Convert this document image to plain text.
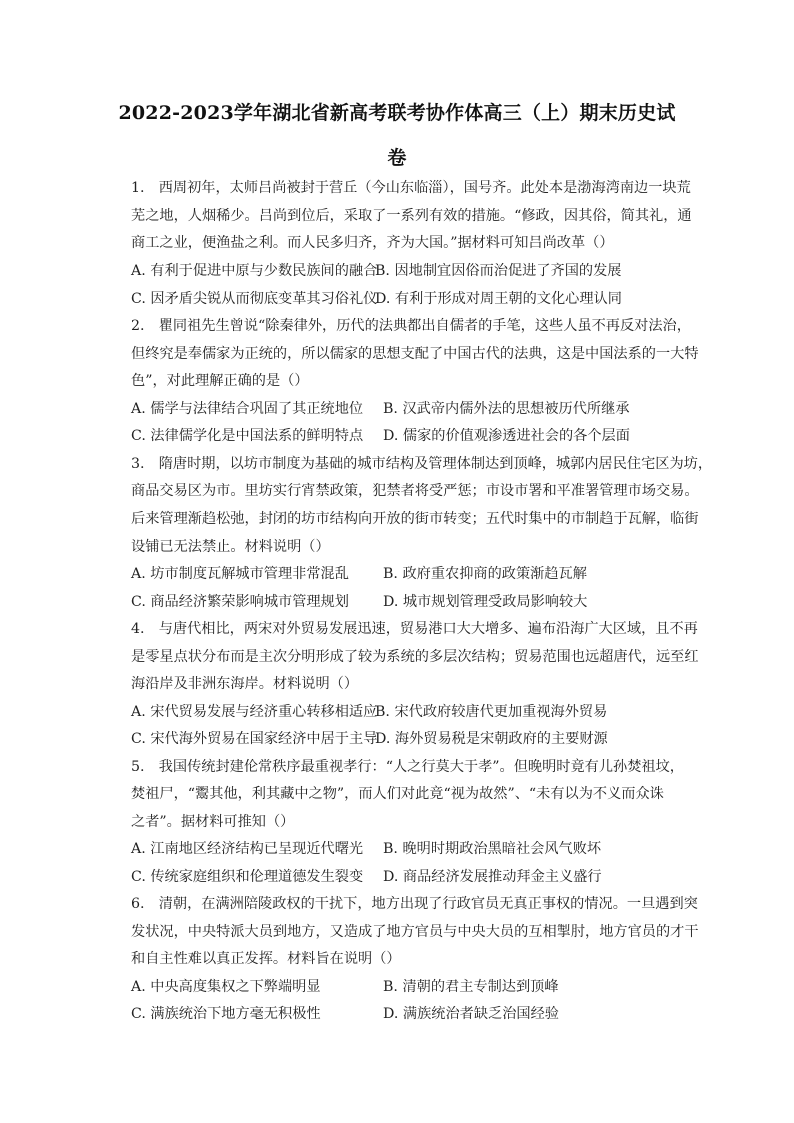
2022-2023学年湖北省新高考联考协作体高三（上）期末历史试
卷
1.　西周初年，太师吕尚被封于营丘（今山东临淄），国号齐。此处本是渤海湾南边一块荒
芜之地，人烟稀少。吕尚到位后，采取了一系列有效的措施。“修政，因其俗，简其礼，通
商工之业，便渔盐之利。而人民多归齐，齐为大国。”据材料可知吕尚改革（）
A. 有利于促进中原与少数民族间的融合
B. 因地制宜因俗而治促进了齐国的发展
C. 因矛盾尖锐从而彻底变革其习俗礼仪
D. 有利于形成对周王朝的文化心理认同
2.　瞿同祖先生曾说“除秦律外，历代的法典都出自儒者的手笔，这些人虽不再反对法治，
但终究是奉儒家为正统的，所以儒家的思想支配了中国古代的法典，这是中国法系的一大特
色”，对此理解正确的是（）
A. 儒学与法律结合巩固了其正统地位 B. 汉武帝内儒外法的思想被历代所继承
C. 法律儒学化是中国法系的鲜明特点 D. 儒家的价值观渗透进社会的各个层面
3.　隋唐时期，以坊市制度为基础的城市结构及管理体制达到顶峰，城郭内居民住宅区为坊，
商品交易区为市。里坊实行宵禁政策，犯禁者将受严惩；市设市署和平准署管理市场交易。
后来管理渐趋松弛，封闭的坊市结构向开放的街市转变；五代时集中的市制趋于瓦解，临街
设铺已无法禁止。材料说明（）
A. 坊市制度瓦解城市管理非常混乱 B. 政府重农抑商的政策渐趋瓦解
C. 商品经济繁荣影响城市管理规划 D. 城市规划管理受政局影响较大
4.　与唐代相比，两宋对外贸易发展迅速，贸易港口大大增多、遍布沿海广大区域，且不再
是零星点状分布而是主次分明形成了较为系统的多层次结构；贸易范围也远超唐代，远至红
海沿岸及非洲东海岸。材料说明（）
A. 宋代贸易发展与经济重心转移相适应
B. 宋代政府较唐代更加重视海外贸易
C. 宋代海外贸易在国家经济中居于主导
D. 海外贸易税是宋朝政府的主要财源
5.　我国传统封建伦常秩序最重视孝行：“人之行莫大于孝”。但晚明时竟有儿孙焚祖坟，
焚祖尸，“鬻其他，利其藏中之物”，而人们对此竟“视为故然”、“未有以为不义而众诛
之者”。据材料可推知（）
A. 江南地区经济结构已呈现近代曙光 B. 晚明时期政治黑暗社会风气败坏
C. 传统家庭组织和伦理道德发生裂变 D. 商品经济发展推动拜金主义盛行
6.　清朝，在满洲陪陵政权的干扰下，地方出现了行政官员无真正事权的情况。一旦遇到突
发状况，中央特派大员到地方，又造成了地方官员与中央大员的互相掣肘，地方官员的才干
和自主性难以真正发挥。材料旨在说明（）
A. 中央高度集权之下弊端明显	B. 清朝的君主专制达到顶峰
C. 满族统治下地方毫无积极性	D. 满族统治者缺乏治国经验
